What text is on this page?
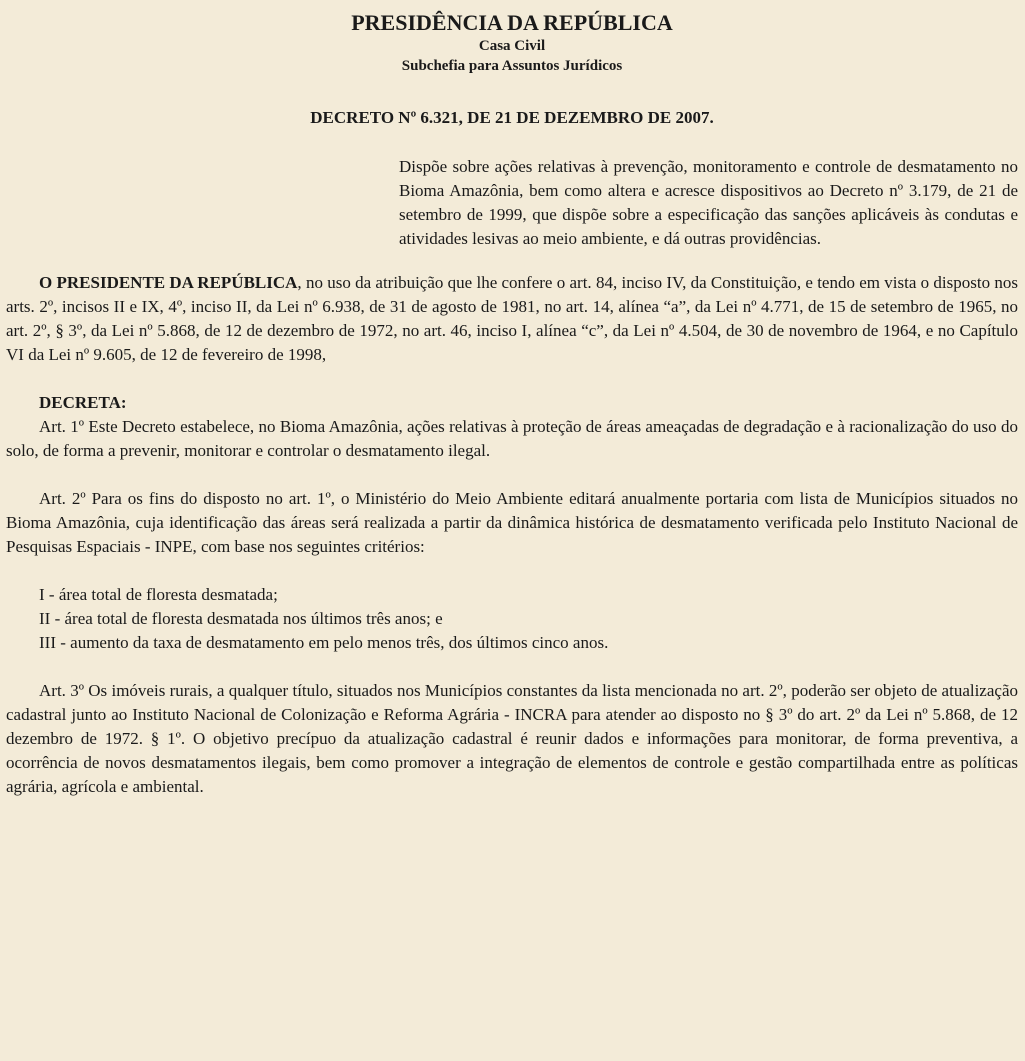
PRESIDÊNCIA DA REPÚBLICA
Casa Civil
Subchefia para Assuntos Jurídicos
DECRETO Nº 6.321, DE 21 DE DEZEMBRO DE 2007.
Dispõe sobre ações relativas à prevenção, monitoramento e controle de desmatamento no Bioma Amazônia, bem como altera e acresce dispositivos ao Decreto nº 3.179, de 21 de setembro de 1999, que dispõe sobre a especificação das sanções aplicáveis às condutas e atividades lesivas ao meio ambiente, e dá outras providências.

O PRESIDENTE DA REPÚBLICA, no uso da atribuição que lhe confere o art. 84, inciso IV, da Constituição, e tendo em vista o disposto nos arts. 2º, incisos II e IX, 4º, inciso II, da Lei nº 6.938, de 31 de agosto de 1981, no art. 14, alínea “a”, da Lei nº 4.771, de 15 de setembro de 1965, no art. 2º, § 3º, da Lei nº 5.868, de 12 de dezembro de 1972, no art. 46, inciso I, alínea “c”, da Lei nº 4.504, de 30 de novembro de 1964, e no Capítulo VI da Lei nº 9.605, de 12 de fevereiro de 1998,

DECRETA:

Art. 1º Este Decreto estabelece, no Bioma Amazônia, ações relativas à proteção de áreas ameaçadas de degradação e à racionalização do uso do solo, de forma a prevenir, monitorar e controlar o desmatamento ilegal.

Art. 2º Para os fins do disposto no art. 1º, o Ministério do Meio Ambiente editará anualmente portaria com lista de Municípios situados no Bioma Amazônia, cuja identificação das áreas será realizada a partir da dinâmica histórica de desmatamento verificada pelo Instituto Nacional de Pesquisas Espaciais - INPE, com base nos seguintes critérios:

I - área total de floresta desmatada;

II - área total de floresta desmatada nos últimos três anos; e

III - aumento da taxa de desmatamento em pelo menos três, dos últimos cinco anos.

Art. 3º Os imóveis rurais, a qualquer título, situados nos Municípios constantes da lista mencionada no art. 2º, poderão ser objeto de atualização cadastral junto ao Instituto Nacional de Colonização e Reforma Agrária - INCRA para atender ao disposto no § 3º do art. 2º da Lei nº 5.868, de 12 dezembro de 1972. § 1º. O objetivo precípuo da atualização cadastral é reunir dados e informações para monitorar, de forma preventiva, a ocorrência de novos desmatamentos ilegais, bem como promover a integração de elementos de controle e gestão compartilhada entre as políticas agrária, agrícola e ambiental.
